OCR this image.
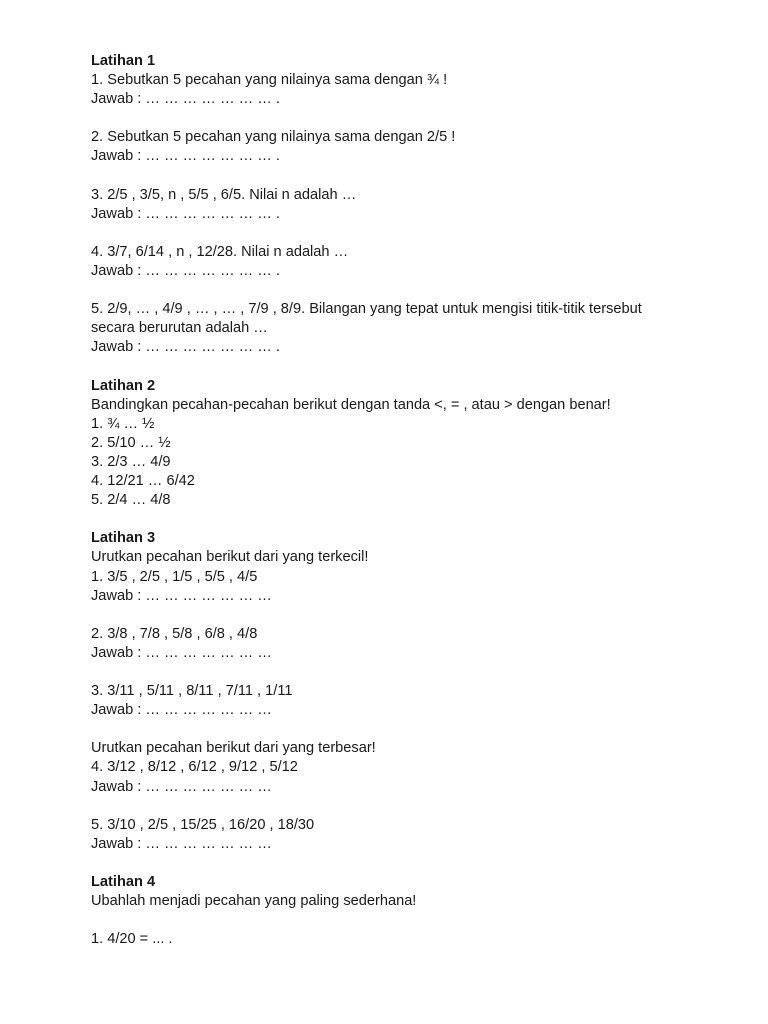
Latihan 1
1. Sebutkan 5 pecahan yang nilainya sama dengan ¾ !
Jawab : … … … … … … … .
2. Sebutkan 5 pecahan yang nilainya sama dengan 2/5 !
Jawab : … … … … … … … .
3. 2/5 , 3/5, n , 5/5 , 6/5. Nilai n adalah …
Jawab : … … … … … … … .
4. 3/7, 6/14 , n , 12/28. Nilai n adalah …
Jawab : … … … … … … … .
5. 2/9, … , 4/9 , … , … , 7/9 , 8/9. Bilangan yang tepat untuk mengisi titik-titik tersebut
secara berurutan adalah …
Jawab : … … … … … … … .
Latihan 2
Bandingkan pecahan-pecahan berikut dengan tanda <, = , atau > dengan benar!
1. ¾ … ½
2. 5/10 … ½
3. 2/3 … 4/9
4. 12/21 … 6/42
5. 2/4 … 4/8
Latihan 3
Urutkan pecahan berikut dari yang terkecil!
1. 3/5 , 2/5 , 1/5 , 5/5 , 4/5
Jawab : … … … … … … …
2. 3/8 , 7/8 , 5/8 , 6/8 , 4/8
Jawab : … … … … … … …
3. 3/11 , 5/11 , 8/11 , 7/11 , 1/11
Jawab : … … … … … … …
Urutkan pecahan berikut dari yang terbesar!
4. 3/12 , 8/12 , 6/12 , 9/12 , 5/12
Jawab : … … … … … … …
5. 3/10 , 2/5 , 15/25 , 16/20 , 18/30
Jawab : … … … … … … …
Latihan 4
Ubahlah menjadi pecahan yang paling sederhana!
1. 4/20 = ... .
